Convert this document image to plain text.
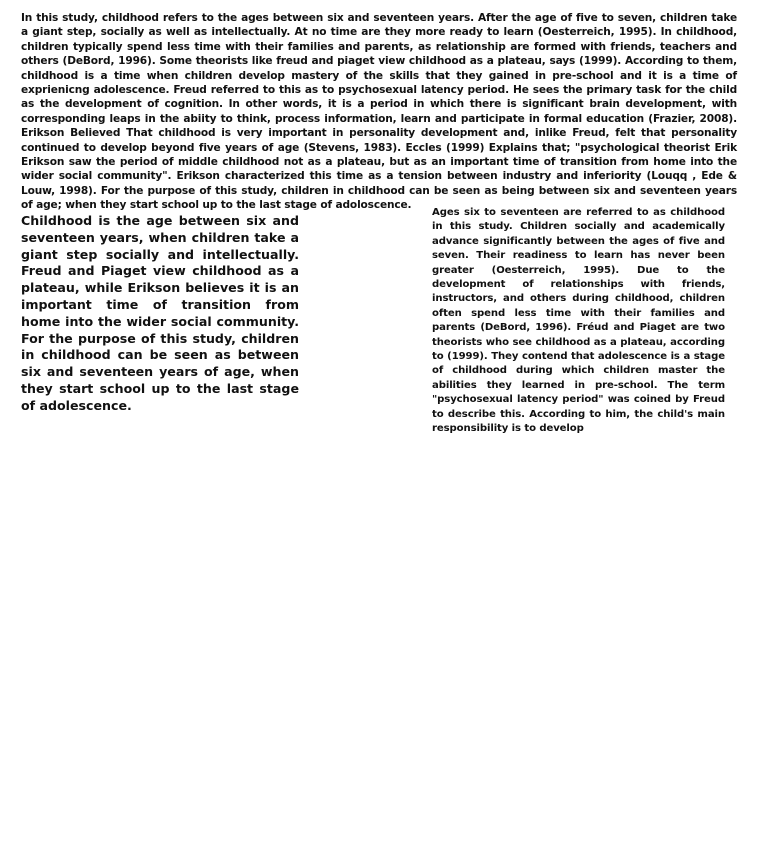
In this study, childhood refers to the ages between six and seventeen years. After the age of five to seven, children take a giant step, socially as well as intellectually. At no time are they more ready to learn (Oesterreich, 1995). In childhood, children typically spend less time with their families and parents, as relationship are formed with friends, teachers and others (DeBord, 1996). Some theorists like freud and piaget view childhood as a plateau, says (1999). According to them, childhood is a time when children develop mastery of the skills that they gained in pre-school and it is a time of exprienicng adolescence. Freud referred to this as to psychosexual latency period. He sees the primary task for the child as the development of cognition. In other words, it is a period in which there is significant brain development, with corresponding leaps in the abiity to think, process information, learn and participate in formal education (Frazier, 2008). Erikson Believed That childhood is very important in personality development and, inlike Freud, felt that personality continued to develop beyond five years of age (Stevens, 1983). Eccles (1999) Explains that; "psychological theorist Erik Erikson saw the period of middle childhood not as a plateau, but as an important time of transition from home into the wider social community". Erikson characterized this time as a tension between industry and inferiority (Louqq , Ede & Louw, 1998). For the purpose of this study, children in childhood can be seen as being between six and seventeen years of age; when they start school up to the last stage of adoloscence.

Childhood is the age between six and seventeen years, when children take a giant step socially and intellectually. Freud and Piaget view childhood as a plateau, while Erikson believes it is an important time of transition from home into the wider social community. For the purpose of this study, children in childhood can be seen as between six and seventeen years of age, when they start school up to the last stage of adolescence.

Ages six to seventeen are referred to as childhood in this study. Children socially and academically advance significantly between the ages of five and seven. Their readiness to learn has never been greater (Oesterreich, 1995). Due to the development of relationships with friends, instructors, and others during childhood, children often spend less time with their families and parents (DeBord, 1996). Fréud and Piaget are two theorists who see childhood as a plateau, according to (1999). They contend that adolescence is a stage of childhood during which children master the abilities they learned in pre-school. The term "psychosexual latency period" was coined by Freud to describe this. According to him, the child's main responsibility is to develop
